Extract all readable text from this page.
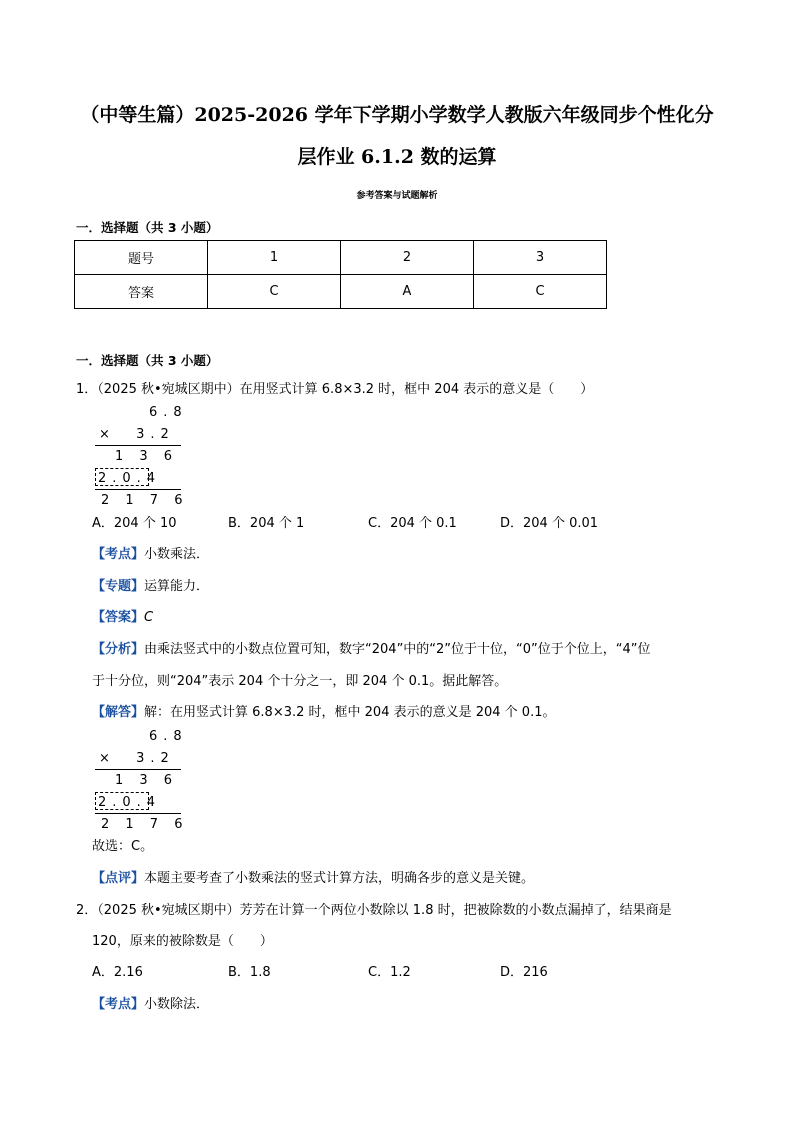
（中等生篇）2025-2026 学年下学期小学数学人教版六年级同步个性化分
层作业 6.1.2 数的运算
参考答案与试题解析
一．选择题（共 3 小题）
题号	1	2	3
答案	C	A	C
一．选择题（共 3 小题）
1．（2025 秋•宛城区期中）在用竖式计算 6.8×3.2 时，框中 204 表示的意义是（　　）
6.8
×  3.2
1 3 6
2.0.4
2 1 7 6
A．204 个 10	B．204 个 1	C．204 个 0.1	D．204 个 0.01
【考点】小数乘法．
【专题】运算能力．
【答案】C
【分析】由乘法竖式中的小数点位置可知，数字“204”中的“2”位于十位，“0”位于个位上，“4”位
于十分位，则“204”表示 204 个十分之一，即 204 个 0.1。据此解答。
【解答】解：在用竖式计算 6.8×3.2 时，框中 204 表示的意义是 204 个 0.1。
6.8
×  3.2
1 3 6
2.0.4
2 1 7 6
故选：C。
【点评】本题主要考查了小数乘法的竖式计算方法，明确各步的意义是关键。
2．（2025 秋•宛城区期中）芳芳在计算一个两位小数除以 1.8 时，把被除数的小数点漏掉了，结果商是
120，原来的被除数是（　　）
A．2.16	B．1.8	C．1.2	D．216
【考点】小数除法．
